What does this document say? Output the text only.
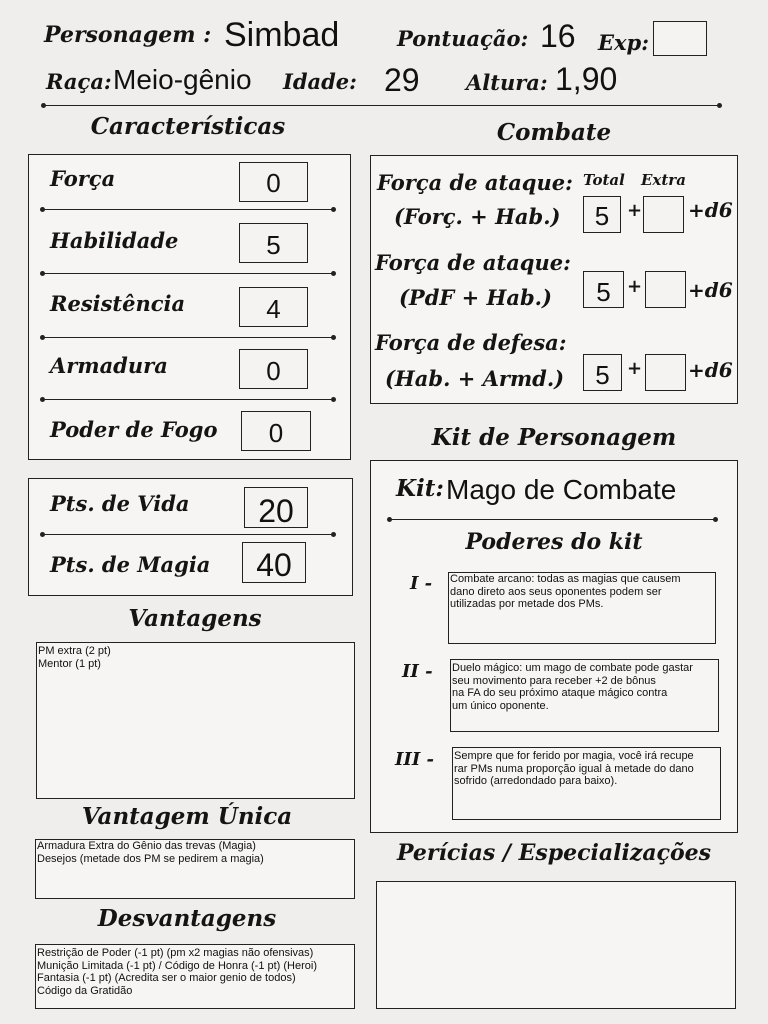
Personagem : Simbad	Pontuação: 16 Exp:
Raça: Meio-gênio Idade: 29 Altura: 1,90
Características
Força	0
Habilidade	5
Resistência	4
Armadura	0
Poder de Fogo	0
Pts. de Vida	20
Pts. de Magia	40
Vantagens
PM extra (2 pt)
Mentor (1 pt)
Vantagem Única
Armadura Extra do Gênio das trevas (Magia)
Desejos (metade dos PM se pedirem a magia)
Desvantagens
Restrição de Poder (-1 pt) (pm x2 magias não ofensivas)
Munição Limitada (-1 pt) / Código de Honra (-1 pt) (Heroi)
Fantasia (-1 pt) (Acredita ser o maior genio de todos)
Código da Gratidão
Combate
Total Extra
Força de ataque:
(Forç. + Hab.)	5 + +d6
Força de ataque:
(PdF + Hab.)	5 + +d6
Força de defesa:
(Hab. + Armd.)	5 + +d6
Kit de Personagem
Kit: Mago de Combate
Poderes do kit
I - Combate arcano: todas as magias que causem
dano direto aos seus oponentes podem ser
utilizadas por metade dos PMs.
II - Duelo mágico: um mago de combate pode gastar
seu movimento para receber +2 de bônus
na FA do seu próximo ataque mágico contra
um único oponente.
III - Sempre que for ferido por magia, você irá recupe
rar PMs numa proporção igual à metade do dano
sofrido (arredondado para baixo).
Perícias / Especializações
